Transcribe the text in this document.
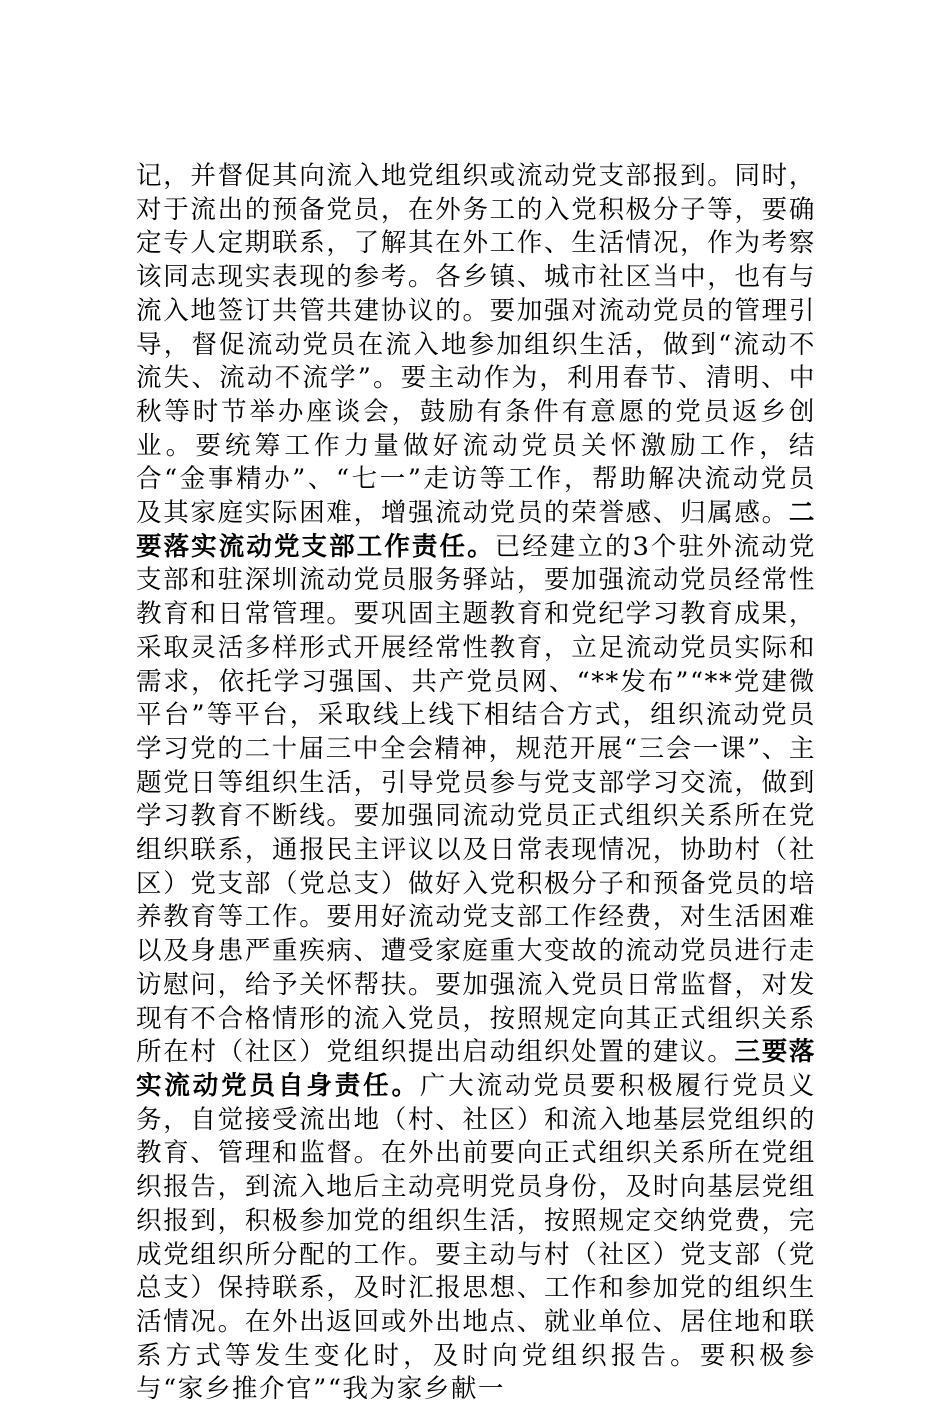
记，并督促其向流入地党组织或流动党支部报到。同时，对于流出的预备党员，在外务工的入党积极分子等，要确定专人定期联系，了解其在外工作、生活情况，作为考察该同志现实表现的参考。各乡镇、城市社区当中，也有与流入地签订共管共建协议的。要加强对流动党员的管理引导，督促流动党员在流入地参加组织生活，做到“流动不流失、流动不流学”。要主动作为，利用春节、清明、中秋等时节举办座谈会，鼓励有条件有意愿的党员返乡创业。要统筹工作力量做好流动党员关怀激励工作，结合“金事精办”、“七一”走访等工作，帮助解决流动党员及其家庭实际困难，增强流动党员的荣誉感、归属感。二要落实流动党支部工作责任。已经建立的3个驻外流动党支部和驻深圳流动党员服务驿站，要加强流动党员经常性教育和日常管理。要巩固主题教育和党纪学习教育成果，采取灵活多样形式开展经常性教育，立足流动党员实际和需求，依托学习强国、共产党员网、“**发布”“**党建微平台”等平台，采取线上线下相结合方式，组织流动党员学习党的二十届三中全会精神，规范开展“三会一课”、主题党日等组织生活，引导党员参与党支部学习交流，做到学习教育不断线。要加强同流动党员正式组织关系所在党组织联系，通报民主评议以及日常表现情况，协助村（社区）党支部（党总支）做好入党积极分子和预备党员的培养教育等工作。要用好流动党支部工作经费，对生活困难以及身患严重疾病、遭受家庭重大变故的流动党员进行走访慰问，给予关怀帮扶。要加强流入党员日常监督，对发现有不合格情形的流入党员，按照规定向其正式组织关系所在村（社区）党组织提出启动组织处置的建议。三要落实流动党员自身责任。广大流动党员要积极履行党员义务，自觉接受流出地（村、社区）和流入地基层党组织的教育、管理和监督。在外出前要向正式组织关系所在党组织报告，到流入地后主动亮明党员身份，及时向基层党组织报到，积极参加党的组织生活，按照规定交纳党费，完成党组织所分配的工作。要主动与村（社区）党支部（党总支）保持联系，及时汇报思想、工作和参加党的组织生活情况。在外出返回或外出地点、就业单位、居住地和联系方式等发生变化时，及时向党组织报告。要积极参与“家乡推介官”“我为家乡献一
